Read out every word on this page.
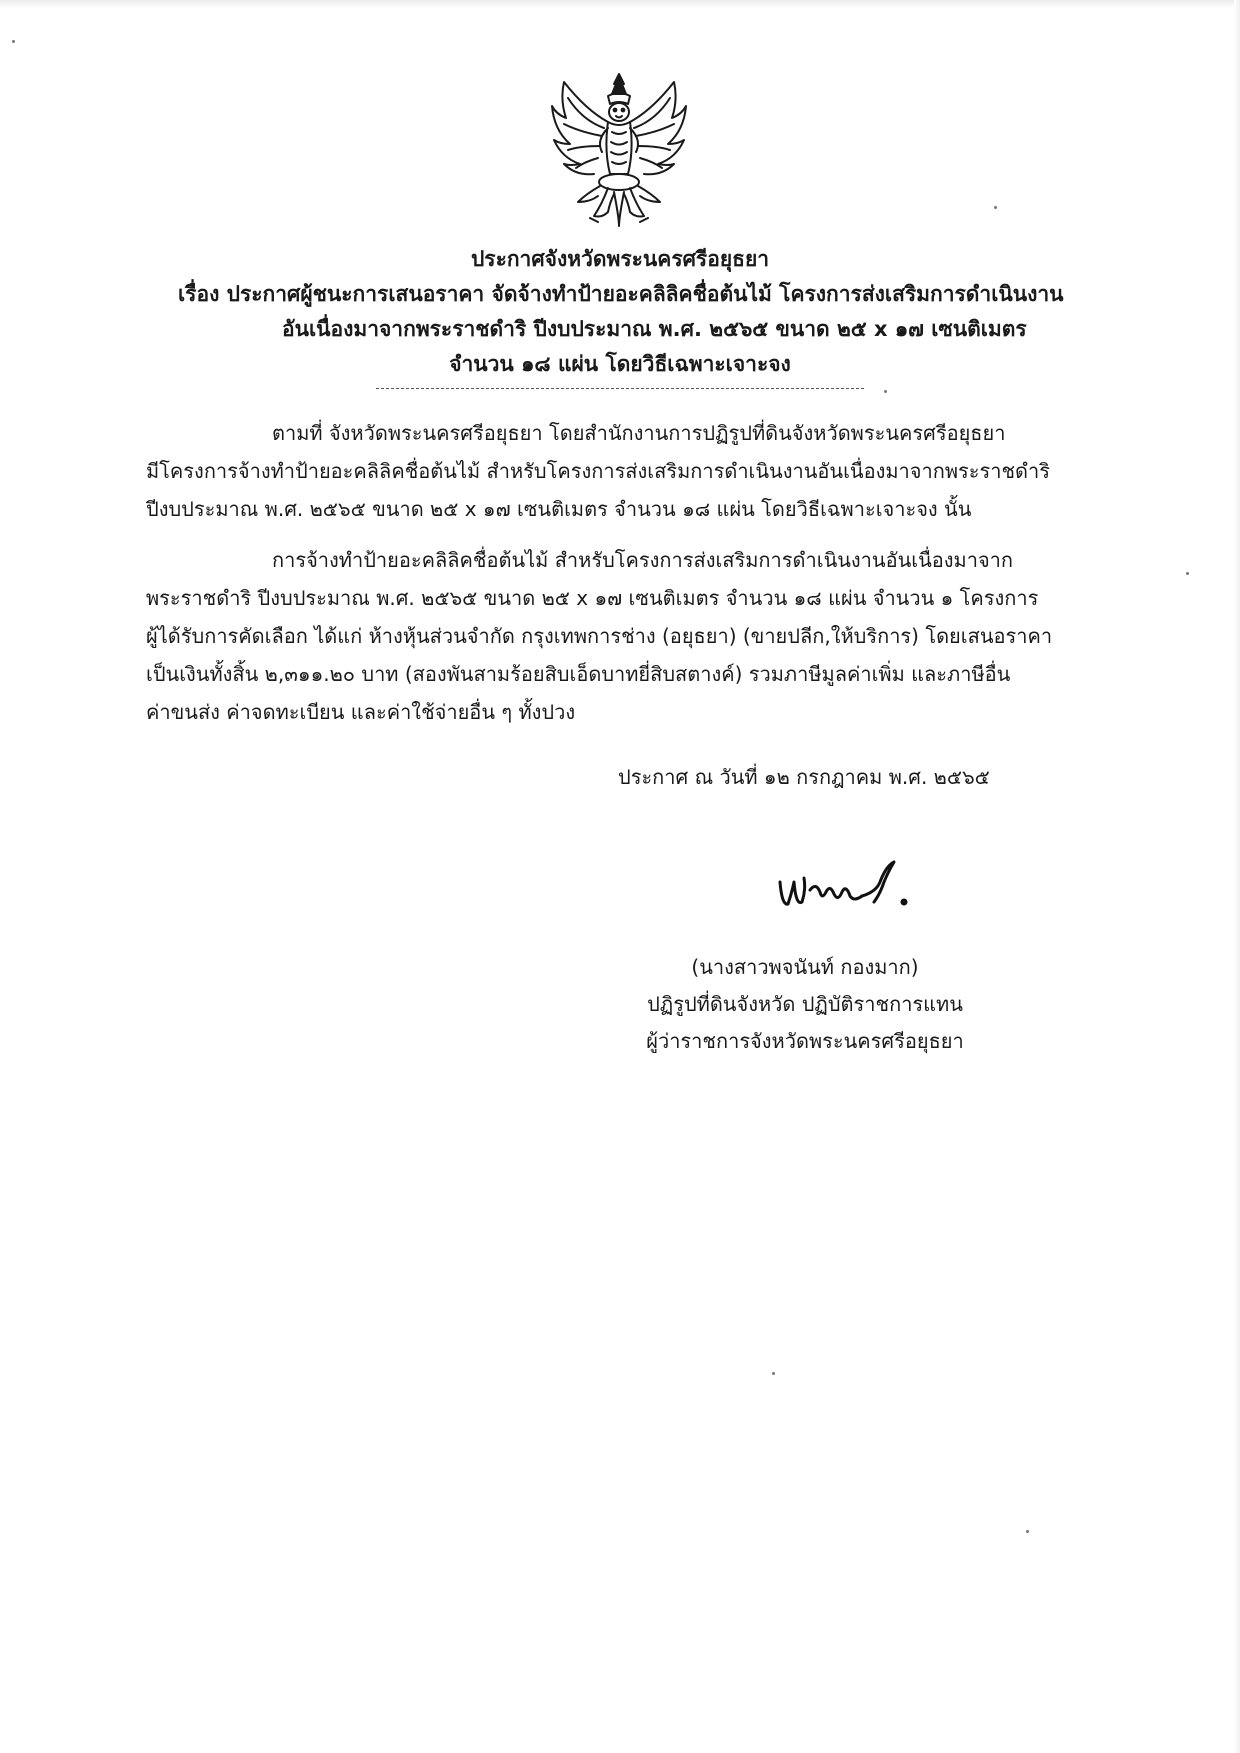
ประกาศจังหวัดพระนครศรีอยุธยา
เรื่อง ประกาศผู้ชนะการเสนอราคา จัดจ้างทำป้ายอะคลิลิคชื่อต้นไม้ โครงการส่งเสริมการดำเนินงาน
อันเนื่องมาจากพระราชดำริ ปีงบประมาณ พ.ศ. ๒๕๖๕ ขนาด ๒๕ x ๑๗ เซนติเมตร
จำนวน ๑๘ แผ่น โดยวิธีเฉพาะเจาะจง
ตามที่ จังหวัดพระนครศรีอยุธยา โดยสำนักงานการปฏิรูปที่ดินจังหวัดพระนครศรีอยุธยา
มีโครงการจ้างทำป้ายอะคลิลิคชื่อต้นไม้ สำหรับโครงการส่งเสริมการดำเนินงานอันเนื่องมาจากพระราชดำริ
ปีงบประมาณ พ.ศ. ๒๕๖๕ ขนาด ๒๕ x ๑๗ เซนติเมตร จำนวน ๑๘ แผ่น โดยวิธีเฉพาะเจาะจง นั้น
การจ้างทำป้ายอะคลิลิคชื่อต้นไม้ สำหรับโครงการส่งเสริมการดำเนินงานอันเนื่องมาจาก
พระราชดำริ ปีงบประมาณ พ.ศ. ๒๕๖๕ ขนาด ๒๕ x ๑๗ เซนติเมตร จำนวน ๑๘ แผ่น จำนวน ๑ โครงการ
ผู้ได้รับการคัดเลือก ได้แก่ ห้างหุ้นส่วนจำกัด กรุงเทพการช่าง (อยุธยา) (ขายปลีก,ให้บริการ) โดยเสนอราคา
เป็นเงินทั้งสิ้น ๒,๓๑๑.๒๐ บาท (สองพันสามร้อยสิบเอ็ดบาทยี่สิบสตางค์) รวมภาษีมูลค่าเพิ่ม และภาษีอื่น
ค่าขนส่ง ค่าจดทะเบียน และค่าใช้จ่ายอื่น ๆ ทั้งปวง
ประกาศ ณ วันที่ ๑๒ กรกฎาคม พ.ศ. ๒๕๖๕
(นางสาวพจนันท์ กองมาก)
ปฏิรูปที่ดินจังหวัด ปฏิบัติราชการแทน
ผู้ว่าราชการจังหวัดพระนครศรีอยุธยา
